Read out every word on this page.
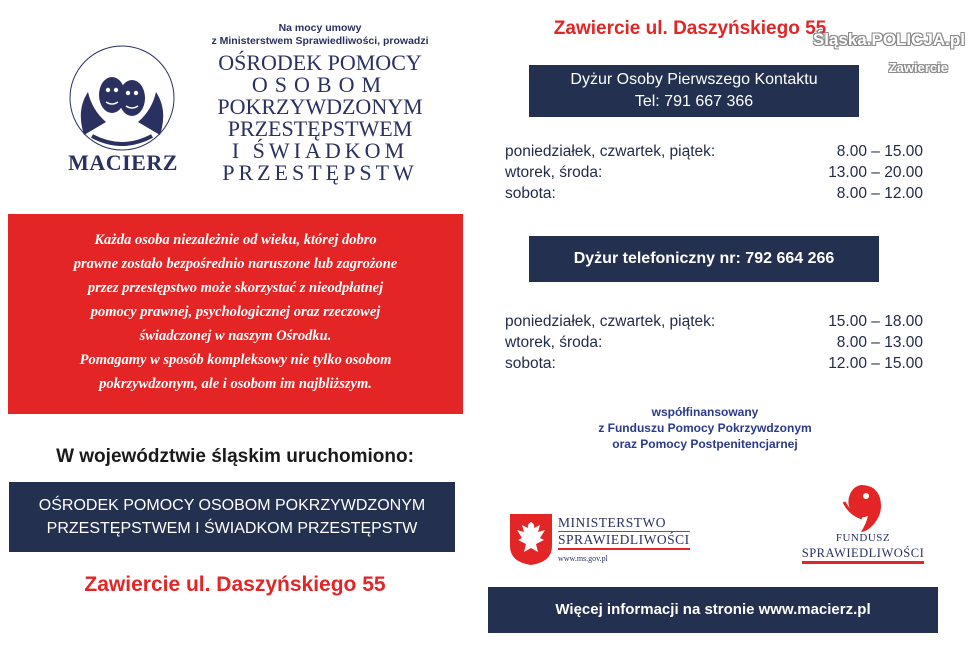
MACIERZ
Na mocy umowy
z Ministerstwem Sprawiedliwości, prowadzi
OŚRODEK POMOCY
OSOBOM
POKRZYWDZONYM
PRZESTĘPSTWEM
I ŚWIADKOM
PRZESTĘPSTW

Każda osoba niezależnie od wieku, której dobro
prawne zostało bezpośrednio naruszone lub zagrożone
przez przestępstwo może skorzystać z nieodpłatnej
pomocy prawnej, psychologicznej oraz rzeczowej
świadczonej w naszym Ośrodku.
Pomagamy w sposób kompleksowy nie tylko osobom
pokrzywdzonym, ale i osobom im najbliższym.

W województwie śląskim uruchomiono:
OŚRODEK POMOCY OSOBOM POKRZYWDZONYM
PRZESTĘPSTWEM I ŚWIADKOM PRZESTĘPSTW
Zawiercie ul. Daszyńskiego 55
Zawiercie ul. Daszyńskiego 55
Śląska.POLICJA.pl
Zawiercie
Dyżur Osoby Pierwszego Kontaktu
Tel: 791 667 366
poniedziałek, czwartek, piątek:	8.00 – 15.00
wtorek, środa:	13.00 – 20.00
sobota:	8.00 – 12.00
Dyżur telefoniczny nr: 792 664 266
poniedziałek, czwartek, piątek:	15.00 – 18.00
wtorek, środa:	8.00 – 13.00
sobota:	12.00 – 15.00
współfinansowany
z Funduszu Pomocy Pokrzywdzonym
oraz Pomocy Postpenitencjarnej
MINISTERSTWO
SPRAWIEDLIWOŚCI
www.ms.gov.pl
FUNDUSZ
SPRAWIEDLIWOŚCI
Więcej informacji na stronie www.macierz.pl
